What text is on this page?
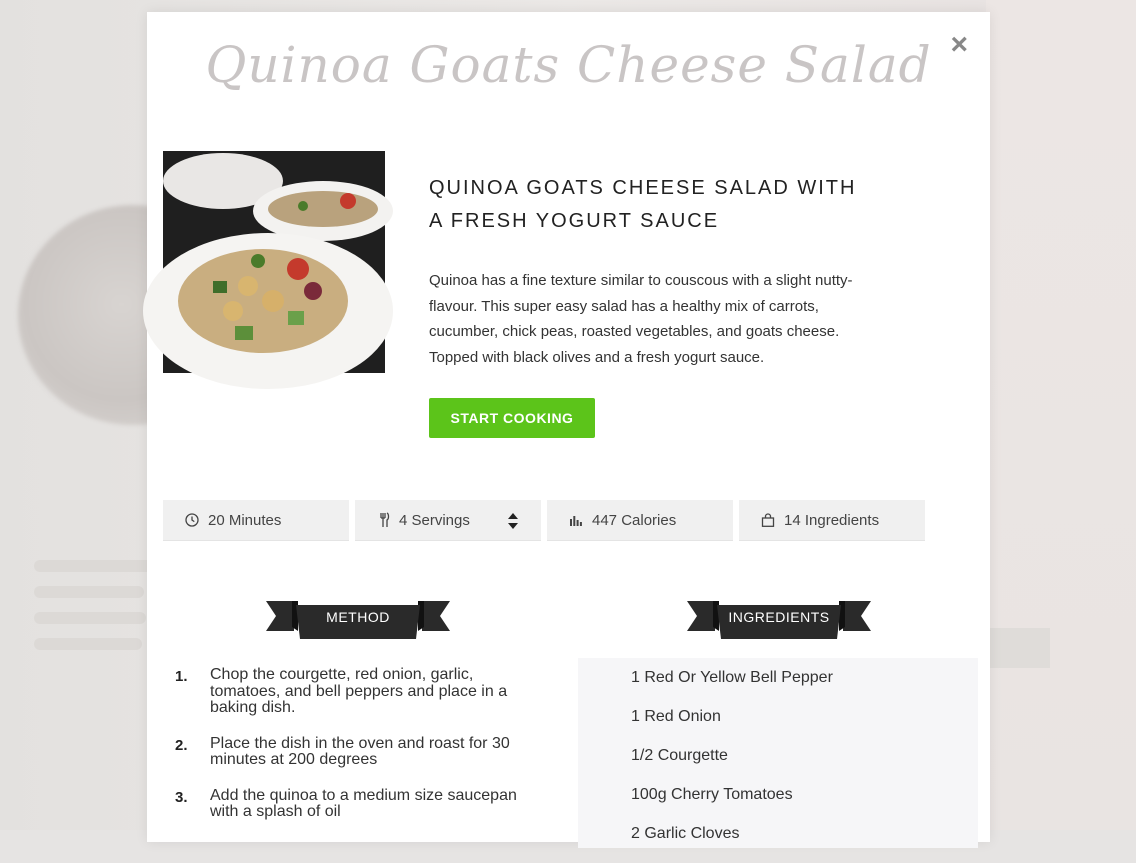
×
Quinoa Goats Cheese Salad
QUINOA GOATS CHEESE SALAD WITH A FRESH YOGURT SAUCE
Quinoa has a fine texture similar to couscous with a slight nutty-flavour. This super easy salad has a healthy mix of carrots, cucumber, chick peas, roasted vegetables, and goats cheese. Topped with black olives and a fresh yogurt sauce.
START COOKING
20 Minutes	4 Servings	447 Calories	14 Ingredients
METHOD	INGREDIENTS
1.	Chop the courgette, red onion, garlic, tomatoes, and bell peppers and place in a baking dish.
2.	Place the dish in the oven and roast for 30 minutes at 200 degrees
3.	Add the quinoa to a medium size saucepan with a splash of oil
1 Red Or Yellow Bell Pepper
1 Red Onion
1/2 Courgette
100g Cherry Tomatoes
2 Garlic Cloves
